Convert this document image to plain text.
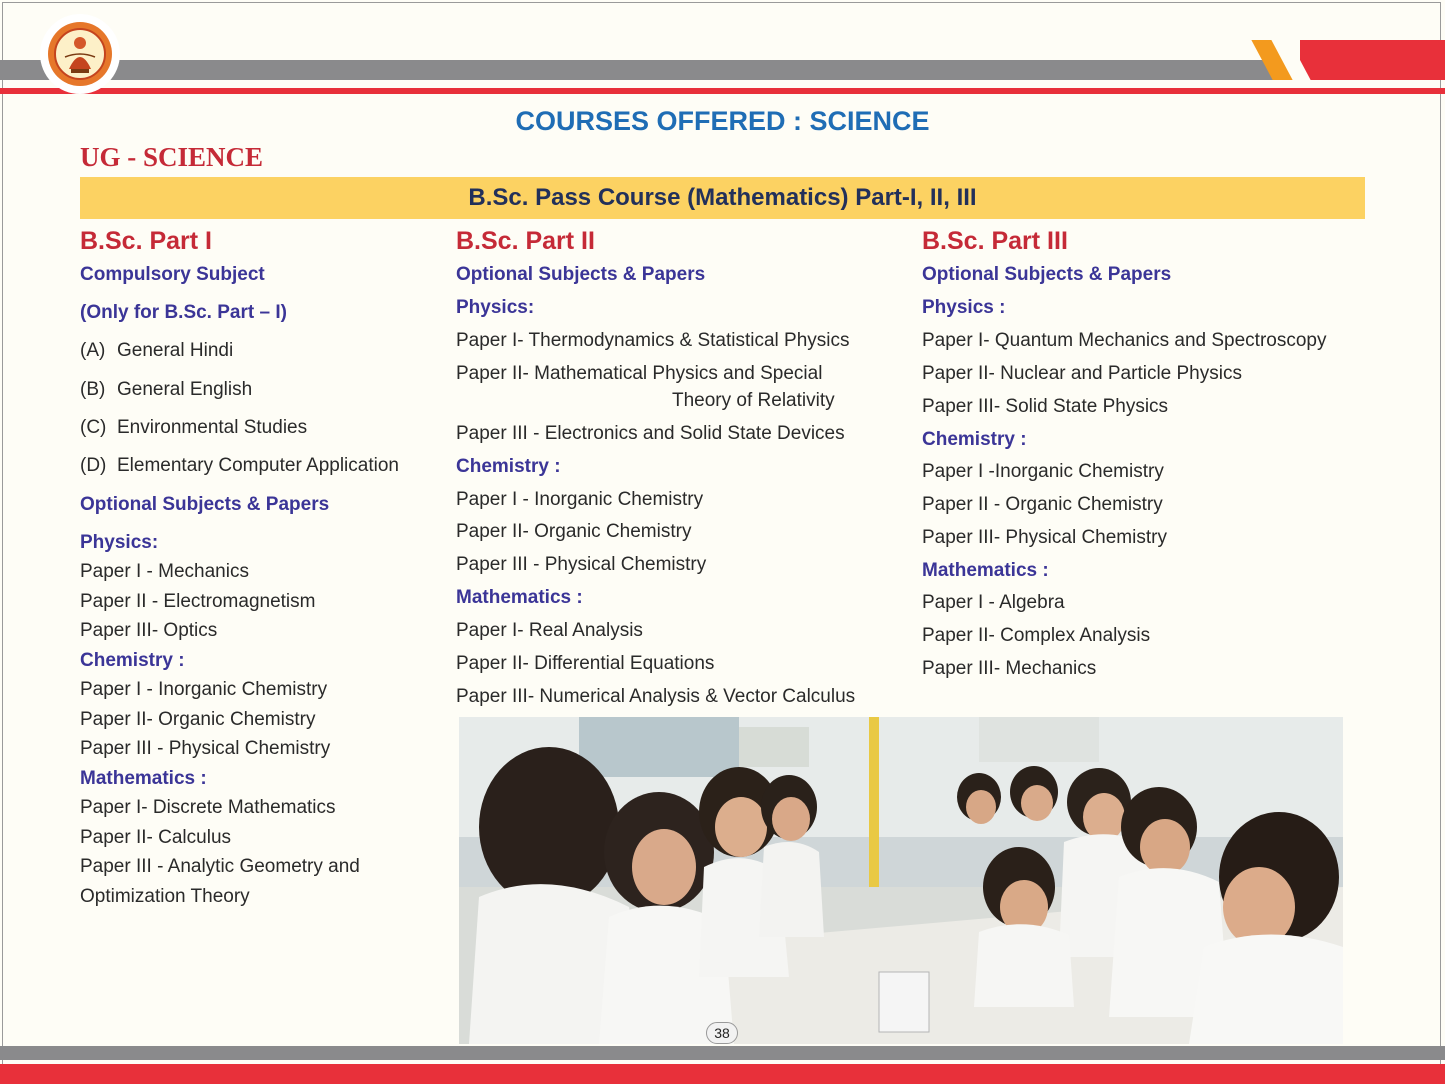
COURSES OFFERED : SCIENCE
UG - SCIENCE
B.Sc. Pass Course (Mathematics) Part-I, II, III
B.Sc. Part I
Compulsory Subject
(Only for B.Sc. Part – I)
(A) General Hindi
(B) General English
(C) Environmental Studies
(D) Elementary Computer Application
Optional Subjects & Papers
Physics:
Paper I - Mechanics
Paper II - Electromagnetism
Paper III- Optics
Chemistry :
Paper I - Inorganic Chemistry
Paper II- Organic Chemistry
Paper III - Physical Chemistry
Mathematics :
Paper I- Discrete Mathematics
Paper II- Calculus
Paper III - Analytic Geometry and
Optimization Theory
B.Sc. Part II
Optional Subjects & Papers
Physics:
Paper I- Thermodynamics & Statistical Physics
Paper II- Mathematical Physics and Special
Theory of Relativity
Paper III - Electronics and Solid State Devices
Chemistry :
Paper I - Inorganic Chemistry
Paper II- Organic Chemistry
Paper III - Physical Chemistry
Mathematics :
Paper I- Real Analysis
Paper II- Differential Equations
Paper III- Numerical Analysis & Vector Calculus
B.Sc. Part III
Optional Subjects & Papers
Physics :
Paper I- Quantum Mechanics and Spectroscopy
Paper II- Nuclear and Particle Physics
Paper III- Solid State Physics
Chemistry :
Paper I -Inorganic Chemistry
Paper II - Organic Chemistry
Paper III- Physical Chemistry
Mathematics :
Paper I - Algebra
Paper II- Complex Analysis
Paper III- Mechanics
38
